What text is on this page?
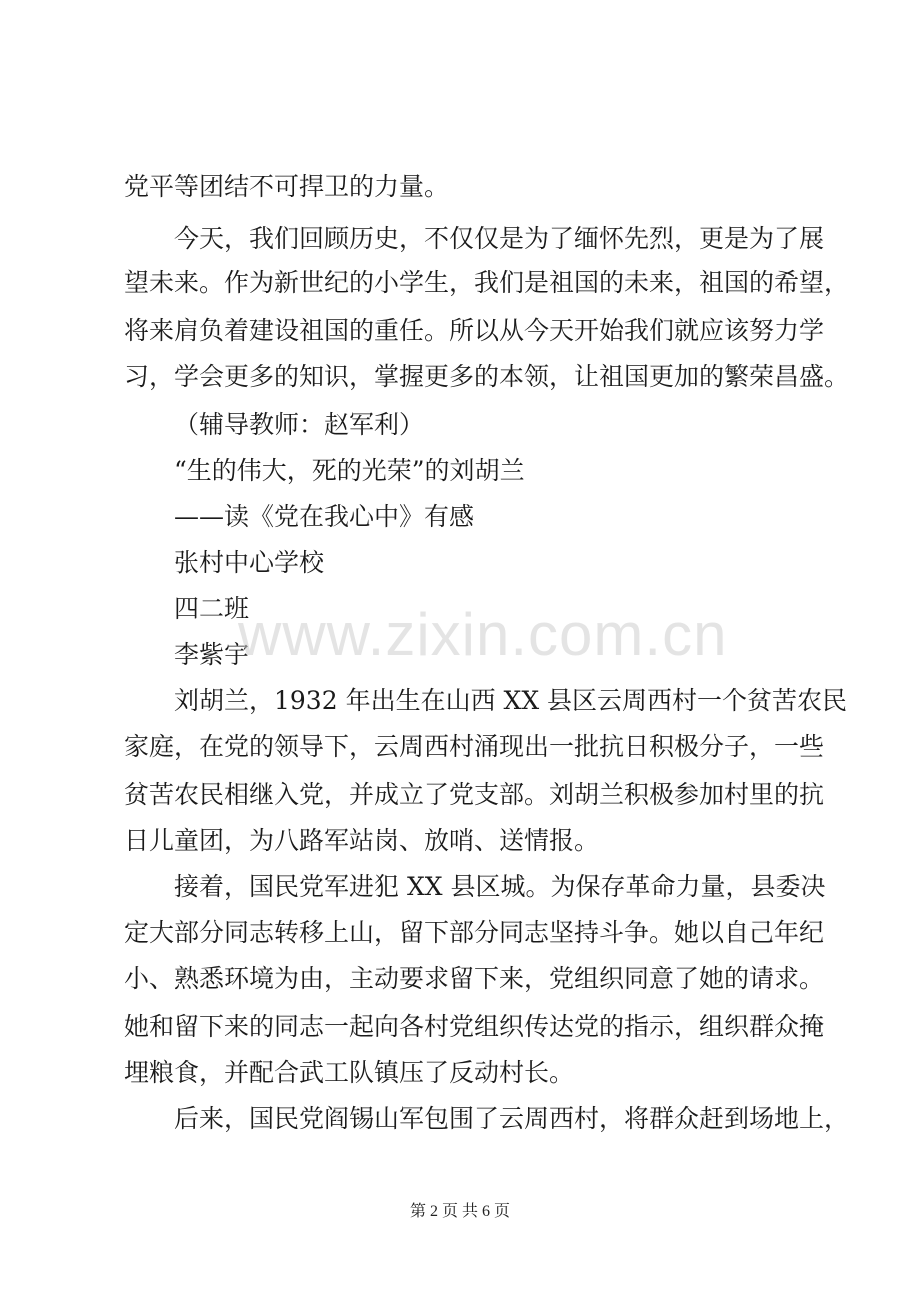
党平等团结不可捍卫的力量。
今天，我们回顾历史，不仅仅是为了缅怀先烈，更是为了展
望未来。作为新世纪的小学生，我们是祖国的未来，祖国的希望，
将来肩负着建设祖国的重任。所以从今天开始我们就应该努力学
习，学会更多的知识，掌握更多的本领，让祖国更加的繁荣昌盛。
（辅导教师：赵军利）
“生的伟大，死的光荣”的刘胡兰
——读《党在我心中》有感
张村中心学校
四二班
李紫宇
刘胡兰，1932 年出生在山西 XX 县区云周西村一个贫苦农民
家庭，在党的领导下，云周西村涌现出一批抗日积极分子，一些
贫苦农民相继入党，并成立了党支部。刘胡兰积极参加村里的抗
日儿童团，为八路军站岗、放哨、送情报。
接着，国民党军进犯 XX 县区城。为保存革命力量，县委决
定大部分同志转移上山，留下部分同志坚持斗争。她以自己年纪
小、熟悉环境为由，主动要求留下来，党组织同意了她的请求。
她和留下来的同志一起向各村党组织传达党的指示，组织群众掩
埋粮食，并配合武工队镇压了反动村长。
后来，国民党阎锡山军包围了云周西村，将群众赶到场地上，
www.zixin.com.cn
第 2 页 共 6 页
